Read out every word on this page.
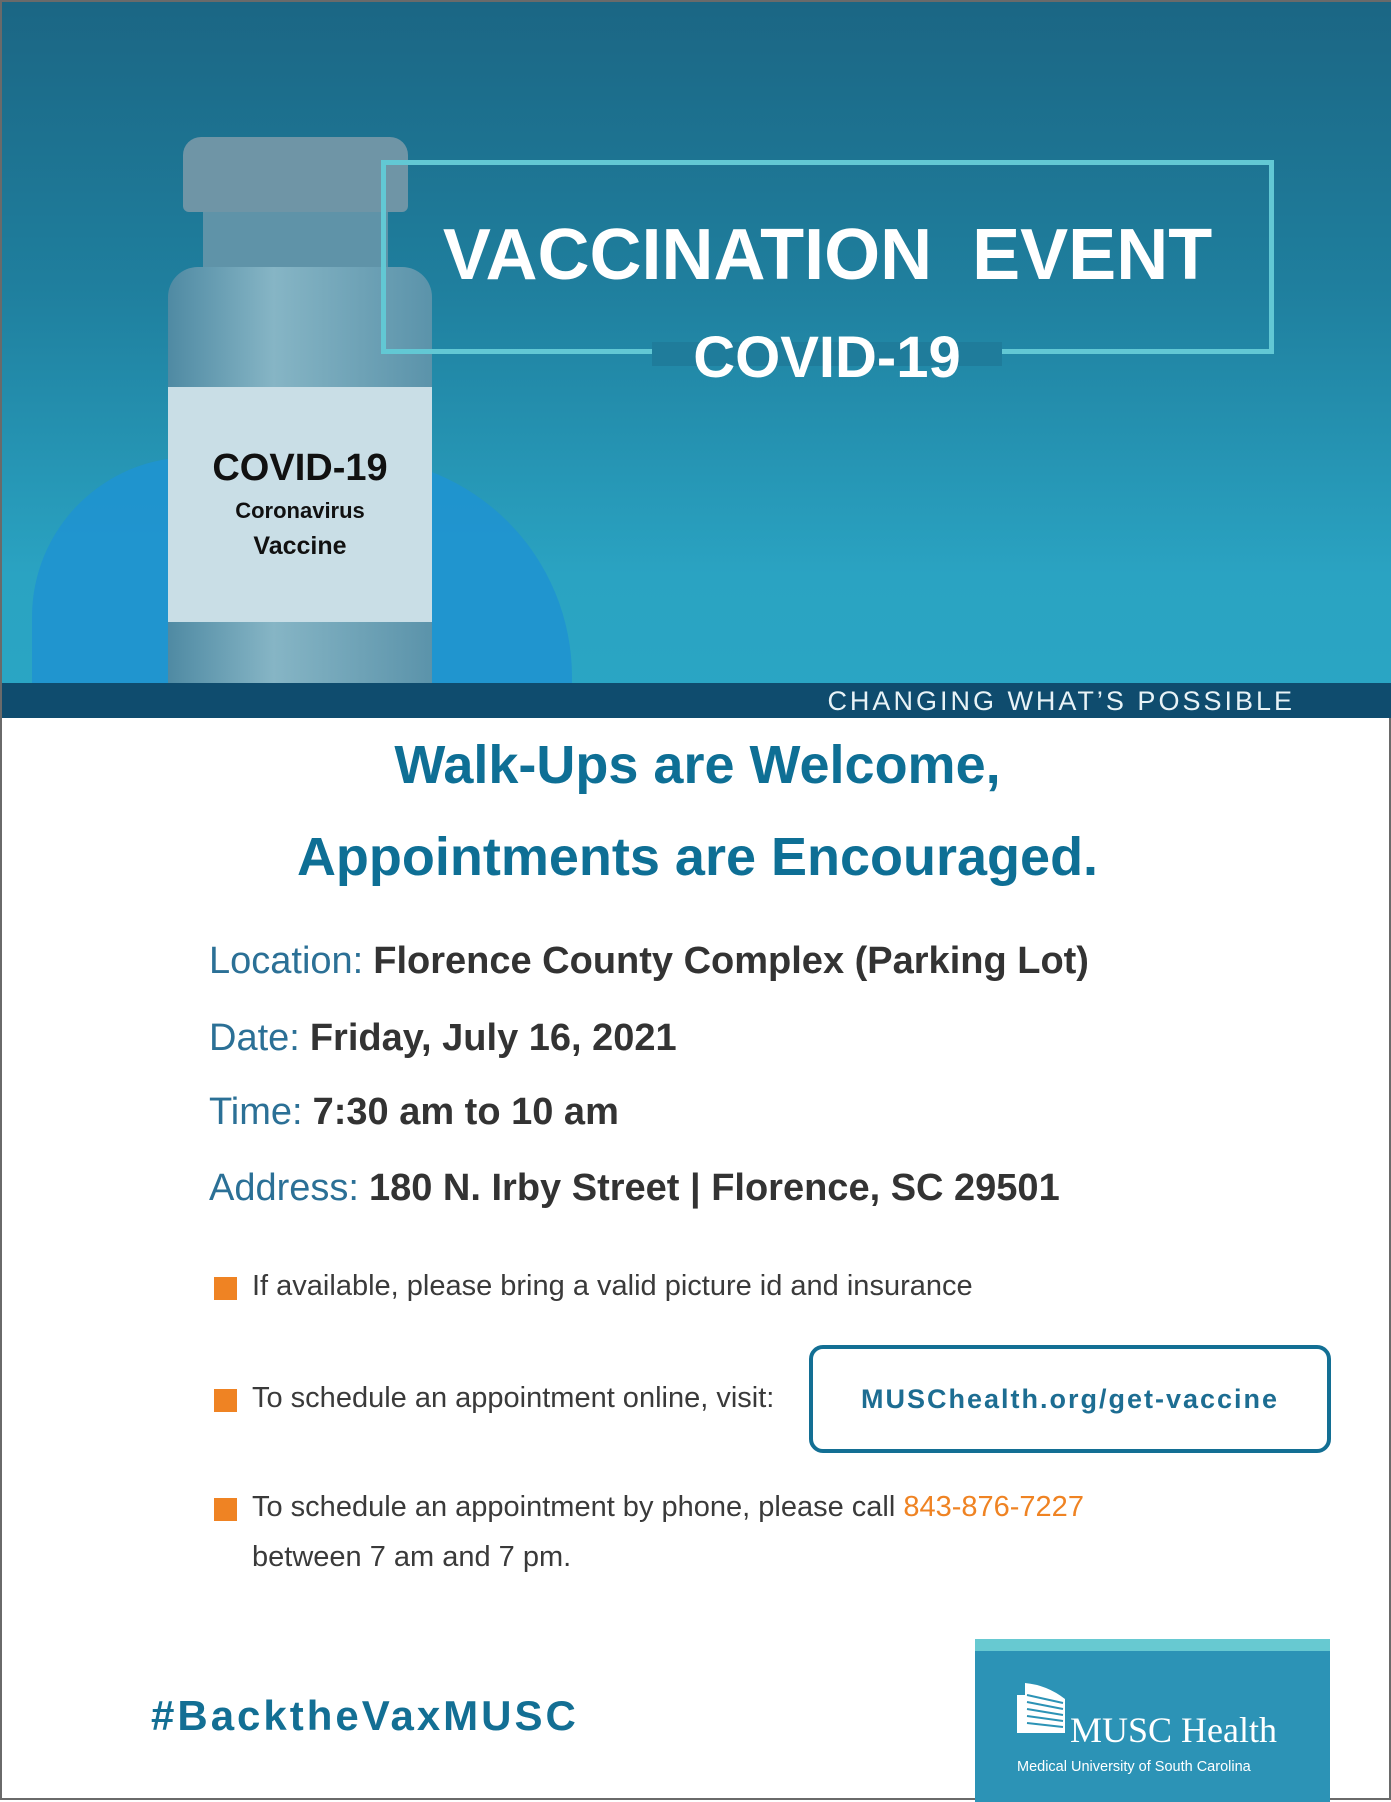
COVID-19
Coronavirus
Vaccine
VACCINATION EVENT
COVID-19
CHANGING WHAT’S POSSIBLE
Walk-Ups are Welcome,
Appointments are Encouraged.
Location: Florence County Complex (Parking Lot)
Date: Friday, July 16, 2021
Time: 7:30 am to 10 am
Address: 180 N. Irby Street | Florence, SC 29501
If available, please bring a valid picture id and insurance
To schedule an appointment online, visit:	MUSChealth.org/get-vaccine
To schedule an appointment by phone, please call 843-876-7227
between 7 am and 7 pm.
#BacktheVaxMUSC	MUSC Health
Medical University of South Carolina
